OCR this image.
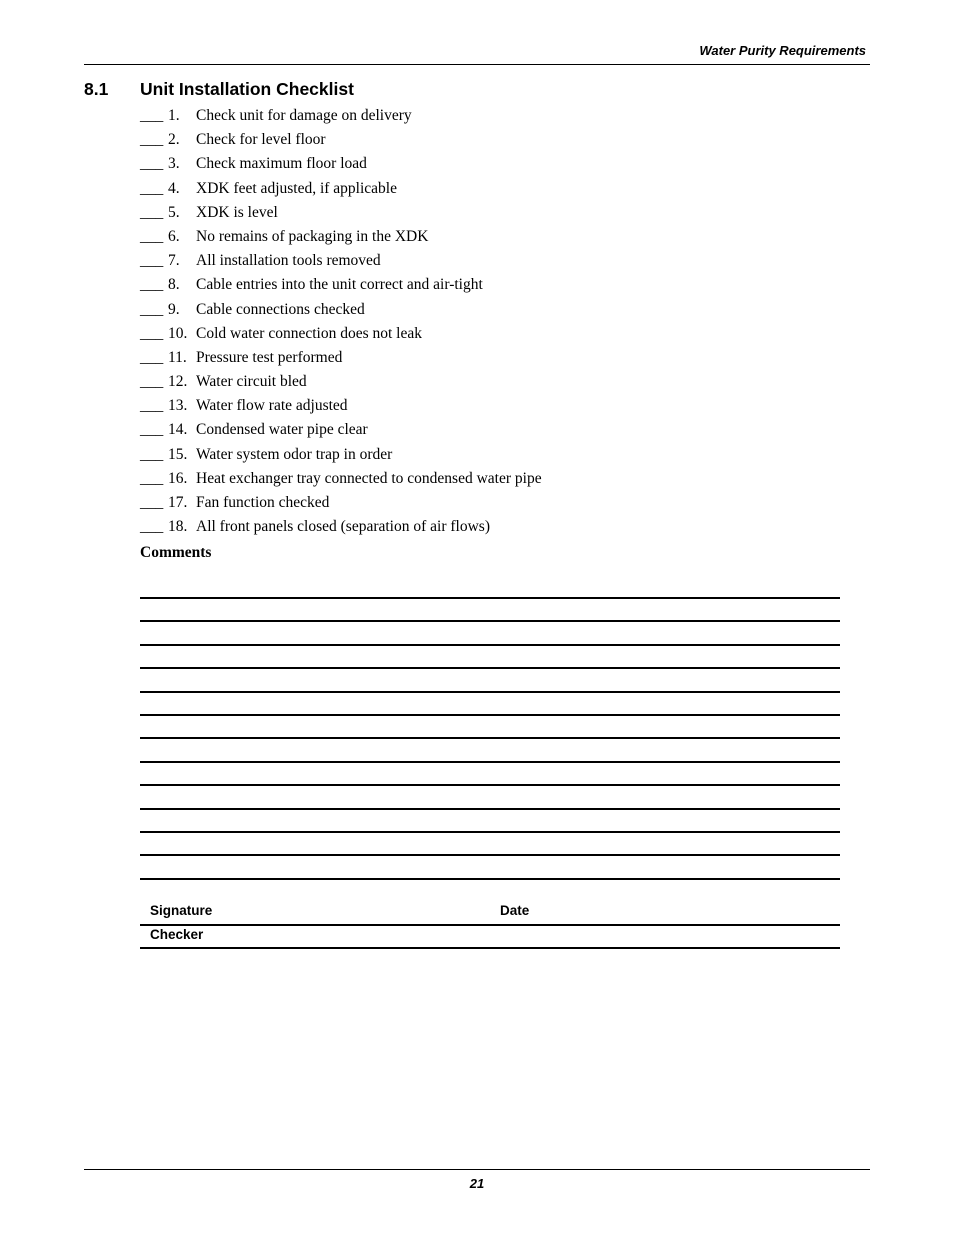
Water Purity Requirements
8.1 Unit Installation Checklist
___ 1.	Check unit for damage on delivery
___ 2.	Check for level floor
___ 3.	Check maximum floor load
___ 4.	XDK feet adjusted, if applicable
___ 5.	XDK is level
___ 6.	No remains of packaging in the XDK
___ 7.	All installation tools removed
___ 8.	Cable entries into the unit correct and air-tight
___ 9.	Cable connections checked
___ 10. Cold water connection does not leak
___ 11. Pressure test performed
___ 12. Water circuit bled
___ 13. Water flow rate adjusted
___ 14. Condensed water pipe clear
___ 15. Water system odor trap in order
___ 16. Heat exchanger tray connected to condensed water pipe
___ 17. Fan function checked
___ 18. All front panels closed (separation of air flows)
Comments
Signature	Date
Checker
21
